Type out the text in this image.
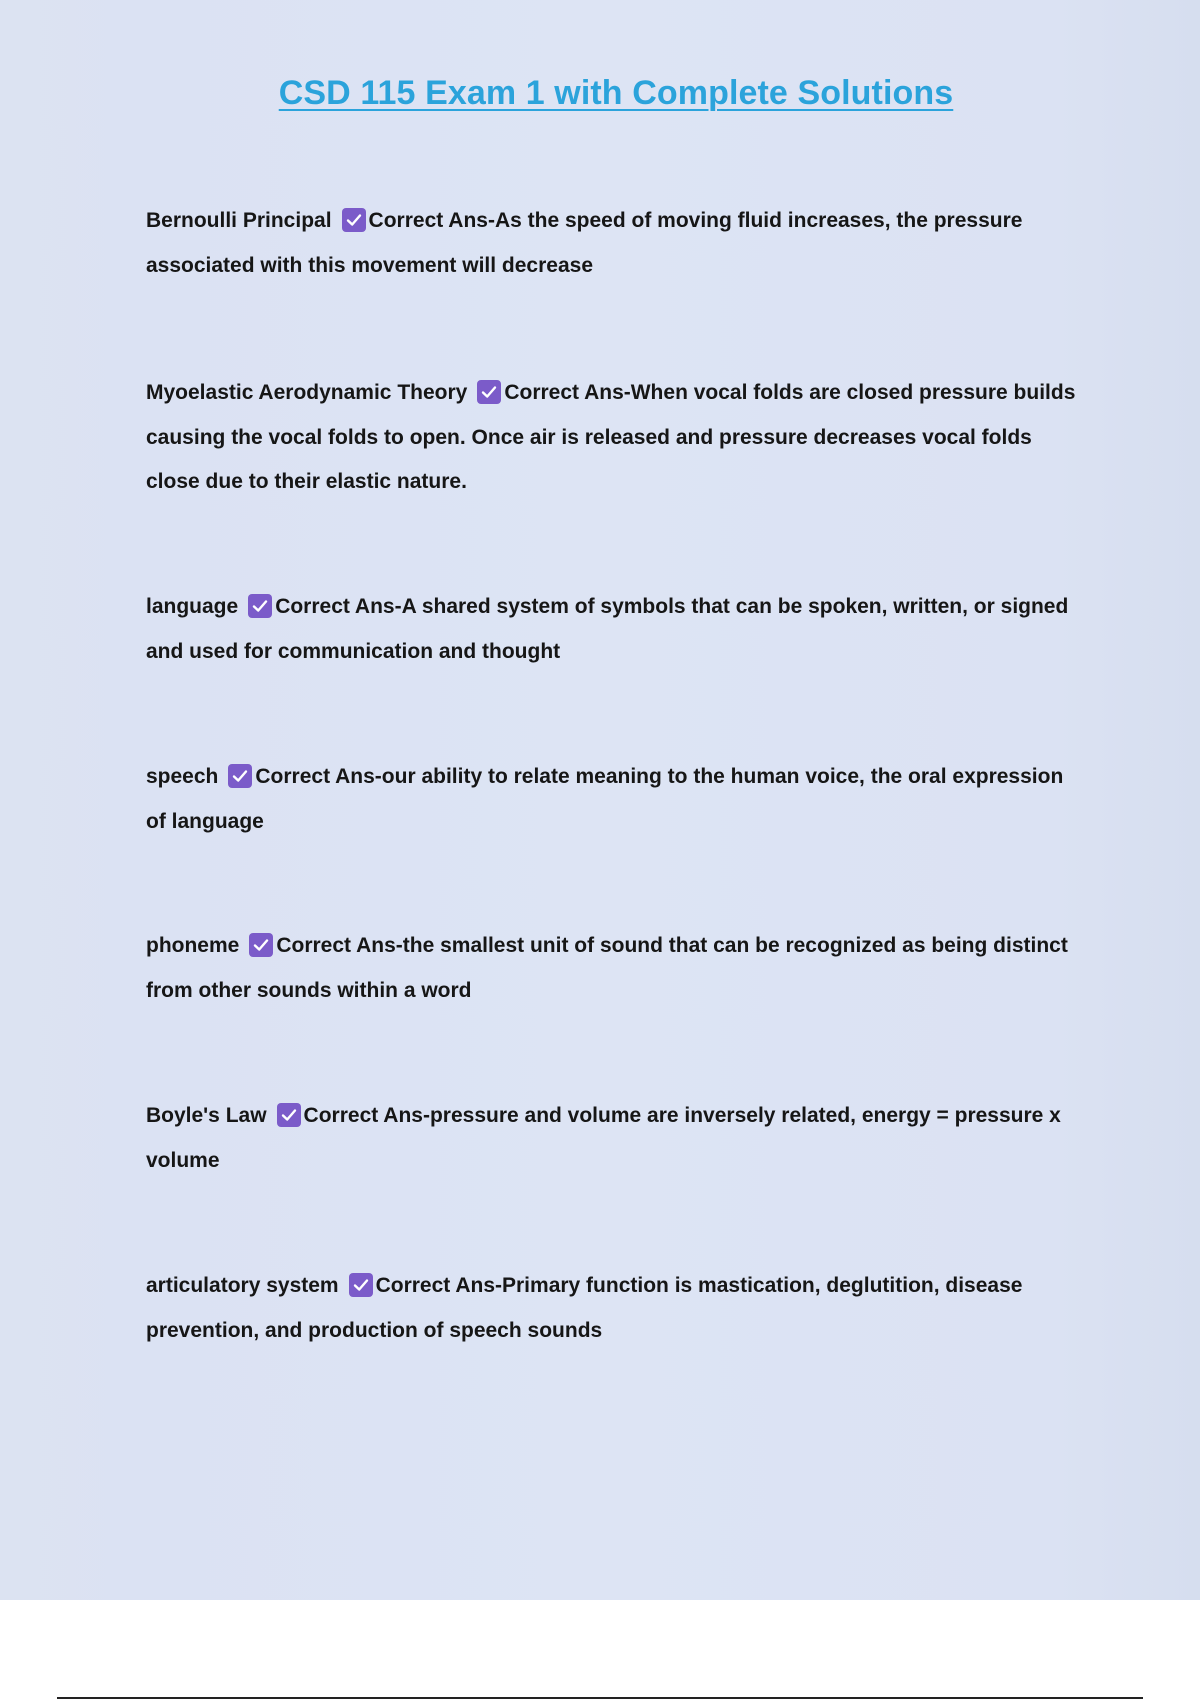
CSD 115 Exam 1 with Complete Solutions
Bernoulli Principal Correct Ans-As the speed of moving fluid increases, the pressure associated with this movement will decrease
Myoelastic Aerodynamic Theory Correct Ans-When vocal folds are closed pressure builds causing the vocal folds to open. Once air is released and pressure decreases vocal folds close due to their elastic nature.
language Correct Ans-A shared system of symbols that can be spoken, written, or signed and used for communication and thought
speech Correct Ans-our ability to relate meaning to the human voice, the oral expression of language
phoneme Correct Ans-the smallest unit of sound that can be recognized as being distinct from other sounds within a word
Boyle's Law Correct Ans-pressure and volume are inversely related, energy = pressure x volume
articulatory system Correct Ans-Primary function is mastication, deglutition, disease prevention, and production of speech sounds
